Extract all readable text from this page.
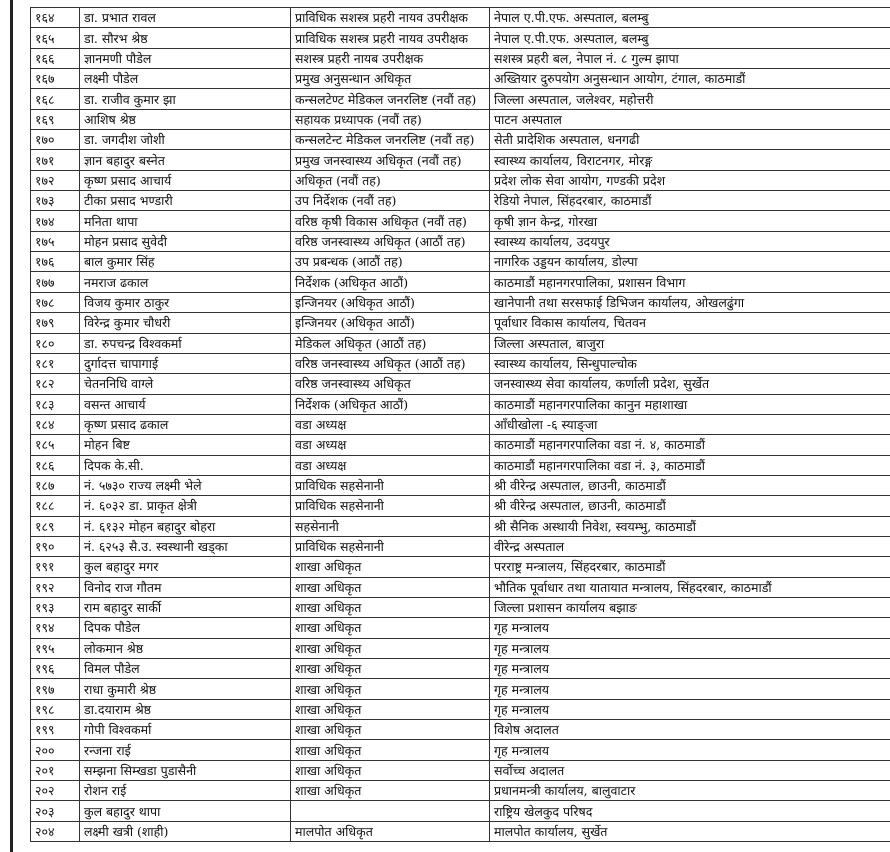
१६४	डा. प्रभात रावल	प्राविधिक सशस्त्र प्रहरी नायव उपरीक्षक	नेपाल ए.पी.एफ. अस्पताल, बलम्बु
१६५	डा. सौरभ श्रेष्ठ	प्राविधिक सशस्त्र प्रहरी नायव उपरीक्षक	नेपाल ए.पी.एफ. अस्पताल, बलम्बु
१६६	ज्ञानमणी पौडेल	सशस्त्र प्रहरी नायब उपरीक्षक	सशस्त्र प्रहरी बल, नेपाल नं. ८ गुल्म झापा
१६७	लक्ष्मी पौडेल	प्रमुख अनुसन्धान अधिकृत	अख्तियार दुरुपयोग अनुसन्धान आयोग, टंगाल, काठमाडौं
१६८	डा. राजीव कुमार झा	कन्सलटेण्ट मेडिकल जनरलिष्ट (नवौं तह)	जिल्ला अस्पताल, जलेश्वर, महोत्तरी
१६९	आशिष श्रेष्ठ	सहायक प्रध्यापक (नवौं तह)	पाटन अस्पताल
१७०	डा. जगदीश जोशी	कन्सलटेन्ट मेडिकल जनरलिष्ट (नवौं तह)	सेती प्रादेशिक अस्पताल, धनगढी
१७१	ज्ञान बहादुर बस्नेत	प्रमुख जनस्वास्थ्य अधिकृत (नवौं तह)	स्वास्थ्य कार्यालय, विराटनगर, मोरङ्ग
१७२	कृष्ण प्रसाद आचार्य	अधिकृत (नवौं तह)	प्रदेश लोक सेवा आयोग, गण्डकी प्रदेश
१७३	टीका प्रसाद भण्डारी	उप निर्देशक (नवौं तह)	रेडियो नेपाल, सिंहदरबार, काठमाडौं
१७४	मनिता थापा	वरिष्ठ कृषी विकास अधिकृत (नवौं तह)	कृषी ज्ञान केन्द्र, गोरखा
१७५	मोहन प्रसाद सुवेदी	वरिष्ठ जनस्वास्थ्य अधिकृत (आठौं तह)	स्वास्थ्य कार्यालय, उदयपुर
१७६	बाल कुमार सिंह	उप प्रबन्धक (आठौं तह)	नागरिक उड्डयन कार्यालय, डोल्पा
१७७	नमराज ढकाल	निर्देशक (अधिकृत आठौं)	काठमाडौं महानगरपालिका, प्रशासन विभाग
१७८	विजय कुमार ठाकुर	इन्जिनयर (अधिकृत आठौं)	खानेपानी तथा सरसफाई डिभिजन कार्यालय, ओखलढुंगा
१७९	विरेन्द्र कुमार चौधरी	इन्जिनयर (अधिकृत आठौं)	पूर्वाधार विकास कार्यालय, चितवन
१८०	डा. रुपचन्द्र विश्वकर्मा	मेडिकल अधिकृत (आठौं तह)	जिल्ला अस्पताल, बाजुरा
१८१	दुर्गादत्त चापागाई	वरिष्ठ जनस्वास्थ्य अधिकृत (आठौं तह)	स्वास्थ्य कार्यालय, सिन्धुपाल्चोक
१८२	चेतननिधि वाग्ले	वरिष्ठ जनस्वास्थ्य अधिकृत	जनस्वास्थ्य सेवा कार्यालय, कर्णाली प्रदेश, सुर्खेत
१८३	वसन्त आचार्य	निर्देशक (अधिकृत आठौं)	काठमाडौं महानगरपालिका कानुन महाशाखा
१८४	कृष्ण प्रसाद ढकाल	वडा अध्यक्ष	आँधीखोला -६ स्याङ्जा
१८५	मोहन बिष्ट	वडा अध्यक्ष	काठमाडौं महानगरपालिका वडा नं. ४, काठमाडौं
१८६	दिपक के.सी.	वडा अध्यक्ष	काठमाडौं महानगरपालिका वडा नं. ३, काठमाडौं
१८७	नं. ५७३० राज्य लक्ष्मी भेले	प्राविधिक सहसेनानी	श्री वीरेन्द्र अस्पताल, छाउनी, काठमाडौं
१८८	नं. ६०३२ डा. प्राकृत क्षेत्री	प्राविधिक सहसेनानी	श्री वीरेन्द्र अस्पताल, छाउनी, काठमाडौं
१८९	नं. ६१३२ मोहन बहादुर बोहरा	सहसेनानी	श्री सैनिक अस्थायी निवेश, स्वयम्भु, काठमाडौं
१९०	नं. ६२५३ सै.उ. स्वस्थानी खड्का	प्राविधिक सहसेनानी	वीरेन्द्र अस्पताल
१९१	कुल बहादुर मगर	शाखा अधिकृत	परराष्ट्र मन्त्रालय, सिंहदरबार, काठमाडौं
१९२	विनोद राज गौतम	शाखा अधिकृत	भौतिक पूर्वाधार तथा यातायात मन्त्रालय, सिंहदरबार, काठमाडौं
१९३	राम बहादुर सार्की	शाखा अधिकृत	जिल्ला प्रशासन कार्यालय बझाङ
१९४	दिपक पौडेल	शाखा अधिकृत	गृह मन्त्रालय
१९५	लोकमान श्रेष्ठ	शाखा अधिकृत	गृह मन्त्रालय
१९६	विमल पौडेल	शाखा अधिकृत	गृह मन्त्रालय
१९७	राधा कुमारी श्रेष्ठ	शाखा अधिकृत	गृह मन्त्रालय
१९८	डा.दयाराम श्रेष्ठ	शाखा अधिकृत	गृह मन्त्रालय
१९९	गोपी विश्वकर्मा	शाखा अधिकृत	विशेष अदालत
२००	रन्जना राई	शाखा अधिकृत	गृह मन्त्रालय
२०१	सम्झना सिम्खडा पुडासैनी	शाखा अधिकृत	सर्वोच्च अदालत
२०२	रोशन राई	शाखा अधिकृत	प्रधानमन्त्री कार्यालय, बालुवाटार
२०३	कुल बहादुर थापा		राष्ट्रिय खेलकुद परिषद
२०४	लक्ष्मी खत्री (शाही)	मालपोत अधिकृत	मालपोत कार्यालय, सुर्खेत
